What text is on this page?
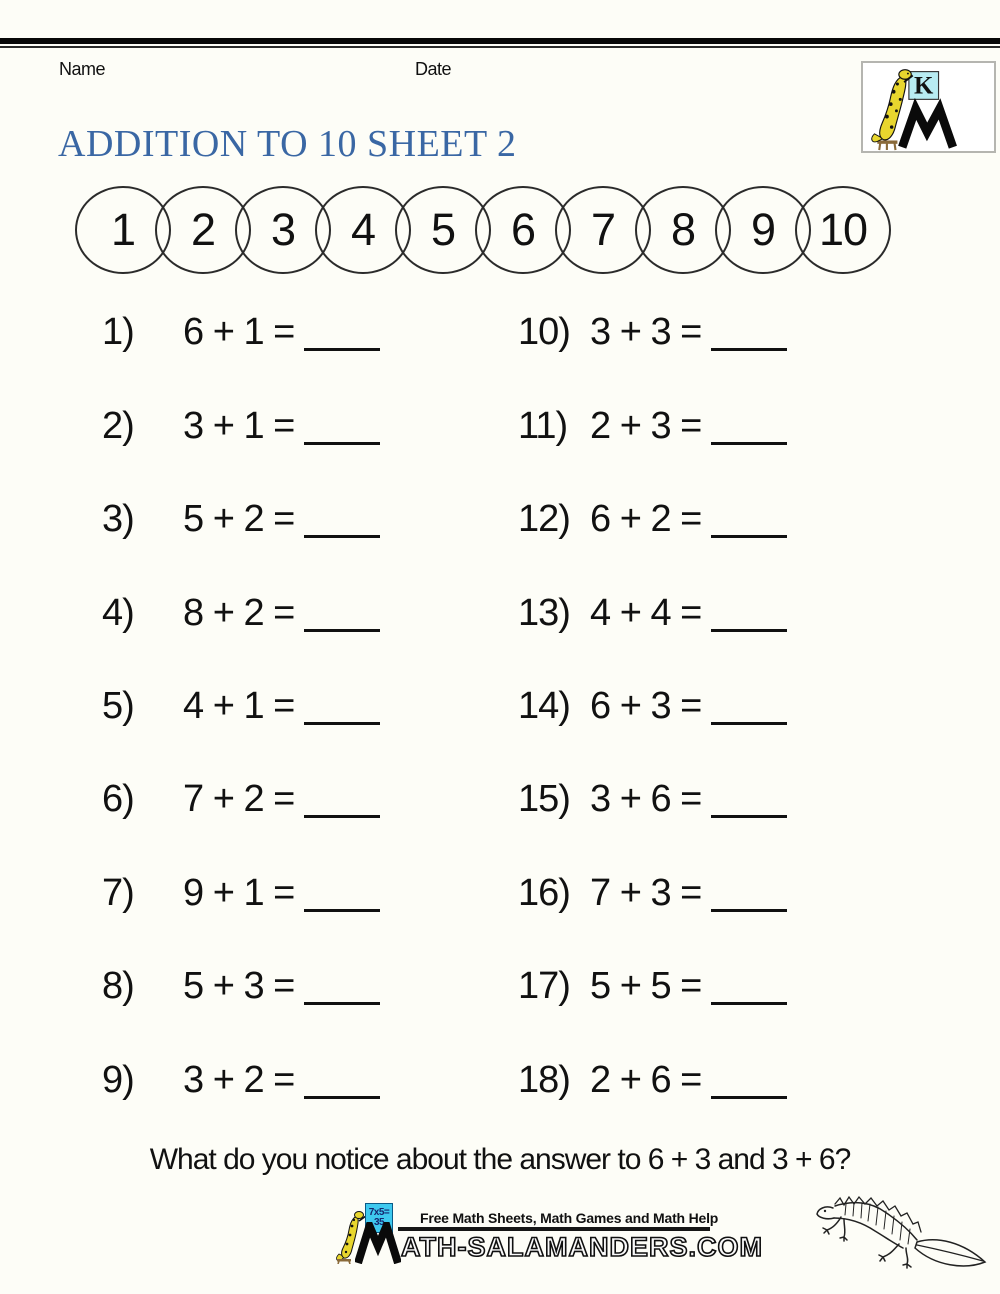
Name	Date
K
ADDITION TO 10 SHEET 2
1	2	3	4	5	6	7	8	9 10
1)	6 + 1 =
2)	3 + 1 =
3)	5 + 2 =
4)	8 + 2 =
5)	4 + 1 =
6)	7 + 2 =
7)	9 + 1 =
8)	5 + 3 =
9)	3 + 2 =
10) 3 + 3 =
11) 2 + 3 =
12) 6 + 2 =
13) 4 + 4 =
14) 6 + 3 =
15) 3 + 6 =
16) 7 + 3 =
17) 5 + 5 =
18) 2 + 6 =
What do you notice about the answer to 6 + 3 and 3 + 6?
7x5=
35	Free Math Sheets, Math Games and Math Help
ATH-SALAMANDERS.COM
